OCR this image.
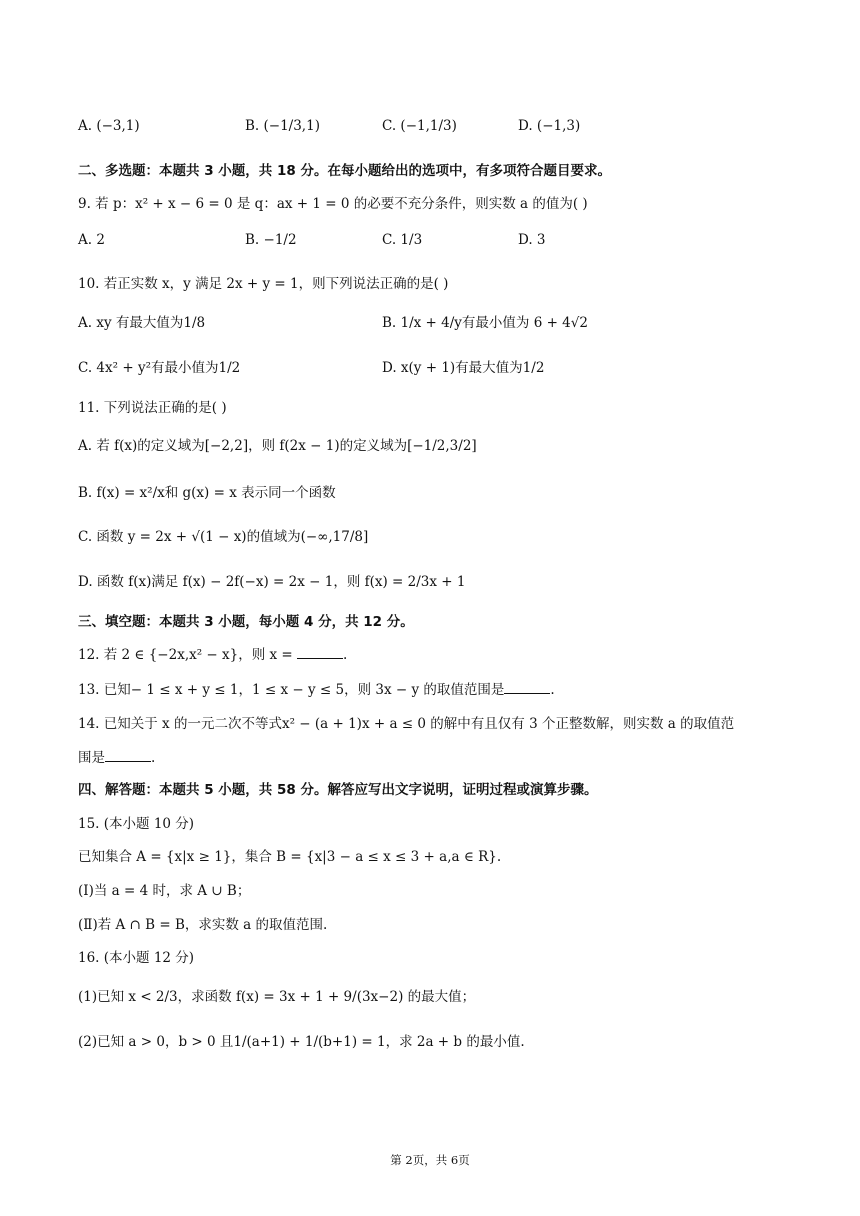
A. (−3,1)	B. (−1/3,1)	C. (−1,1/3)	D. (−1,3)
二、多选题：本题共 3 小题，共 18 分。在每小题给出的选项中，有多项符合题目要求。
9. 若 p：x² + x − 6 = 0 是 q：ax + 1 = 0 的必要不充分条件，则实数 a 的值为( )
A. 2	B. −1/2	C. 1/3	D. 3
10. 若正实数 x，y 满足 2x + y = 1，则下列说法正确的是( )
A. xy 有最大值为1/8	B. 1/x + 4/y有最小值为 6 + 4√2
C. 4x² + y²有最小值为1/2	D. x(y + 1)有最大值为1/2
11. 下列说法正确的是( )
A. 若 f(x)的定义域为[−2,2]，则 f(2x − 1)的定义域为[−1/2,3/2]
B. f(x) = x²/x和 g(x) = x 表示同一个函数
C. 函数 y = 2x + √(1 − x)的值域为(−∞,17/8]
D. 函数 f(x)满足 f(x) − 2f(−x) = 2x − 1，则 f(x) = 2/3x + 1
三、填空题：本题共 3 小题，每小题 4 分，共 12 分。
12. 若 2 ∈ {−2x,x² − x}，则 x =	.
13. 已知− 1 ≤ x + y ≤ 1，1 ≤ x − y ≤ 5，则 3x − y 的取值范围是	.
14. 已知关于 x 的一元二次不等式x² − (a + 1)x + a ≤ 0 的解中有且仅有 3 个正整数解，则实数 a 的取值范
围是	.
四、解答题：本题共 5 小题，共 58 分。解答应写出文字说明，证明过程或演算步骤。
15. (本小题 10 分)
已知集合 A = {x|x ≥ 1}，集合 B = {x|3 − a ≤ x ≤ 3 + a,a ∈ R}.
(Ⅰ)当 a = 4 时，求 A ∪ B；
(Ⅱ)若 A ∩ B = B，求实数 a 的取值范围.
16. (本小题 12 分)
(1)已知 x < 2/3，求函数 f(x) = 3x + 1 + 9/(3x−2) 的最大值；
(2)已知 a > 0，b > 0 且1/(a+1) + 1/(b+1) = 1，求 2a + b 的最小值.
第 2页，共 6页
